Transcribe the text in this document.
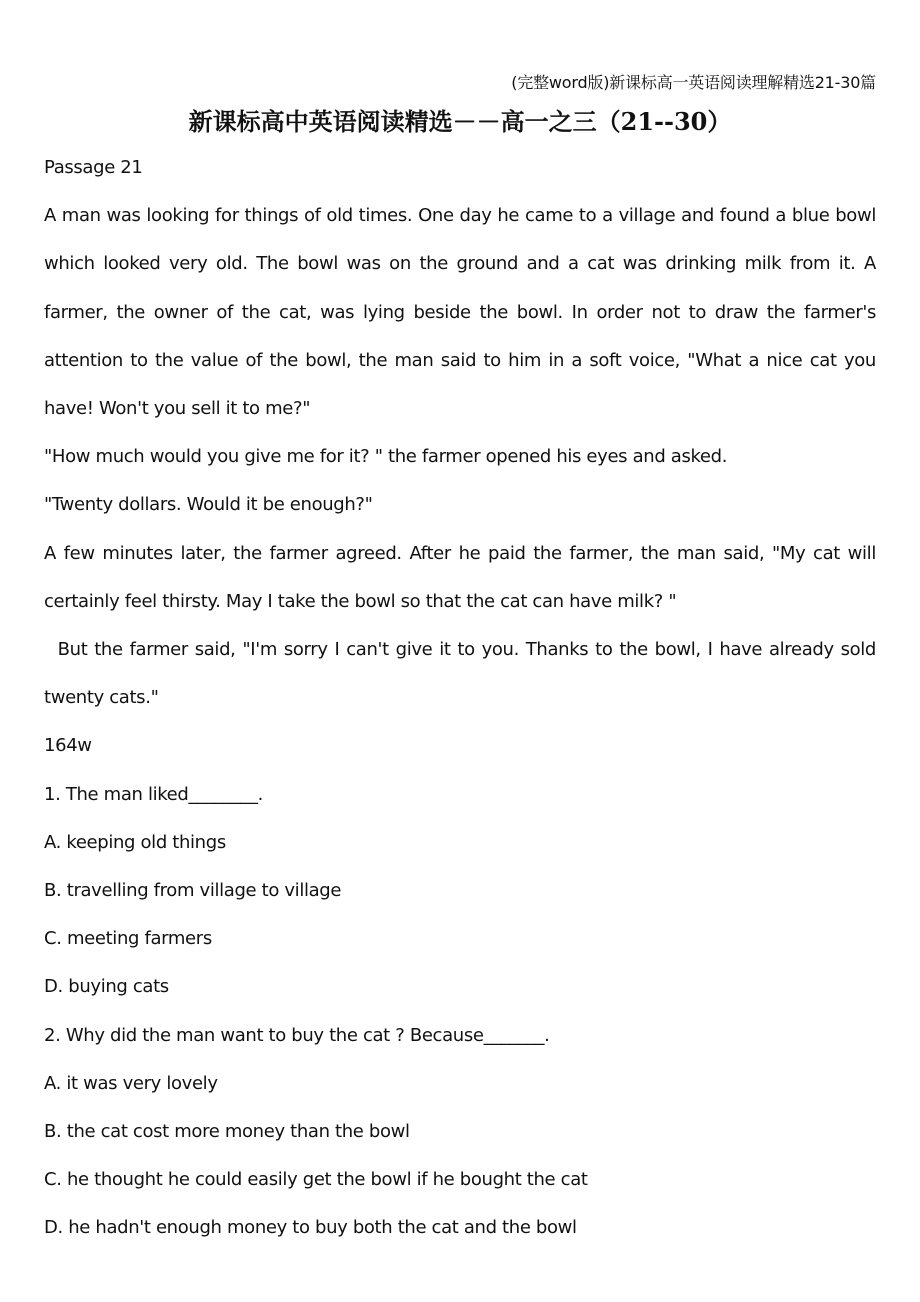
(完整word版)新课标高一英语阅读理解精选21-30篇
新课标高中英语阅读精选－－高一之三（21--30）

Passage 21

A man was looking for things of old times. One day he came to a village and found a blue bowl which looked very old. The bowl was on the ground and a cat was drinking milk from it. A farmer, the owner of the cat, was lying beside the bowl. In order not to draw the farmer's attention to the value of the bowl, the man said to him in a soft voice, "What a nice cat you have! Won't you sell it to me?"

"How much would you give me for it? " the farmer opened his eyes and asked.

"Twenty dollars. Would it be enough?"

A few minutes later, the farmer agreed. After he paid the farmer, the man said, "My cat will certainly feel thirsty. May I take the bowl so that the cat can have milk? "

But the farmer said, "I'm sorry I can't give it to you. Thanks to the bowl, I have already sold twenty cats."

164w

1. The man liked________.

A. keeping old things

B. travelling from village to village

C. meeting farmers

D. buying cats

2. Why did the man want to buy the cat ? Because_______.

A. it was very lovely

B. the cat cost more money than the bowl

C. he thought he could easily get the bowl if he bought the cat

D. he hadn't enough money to buy both the cat and the bowl
